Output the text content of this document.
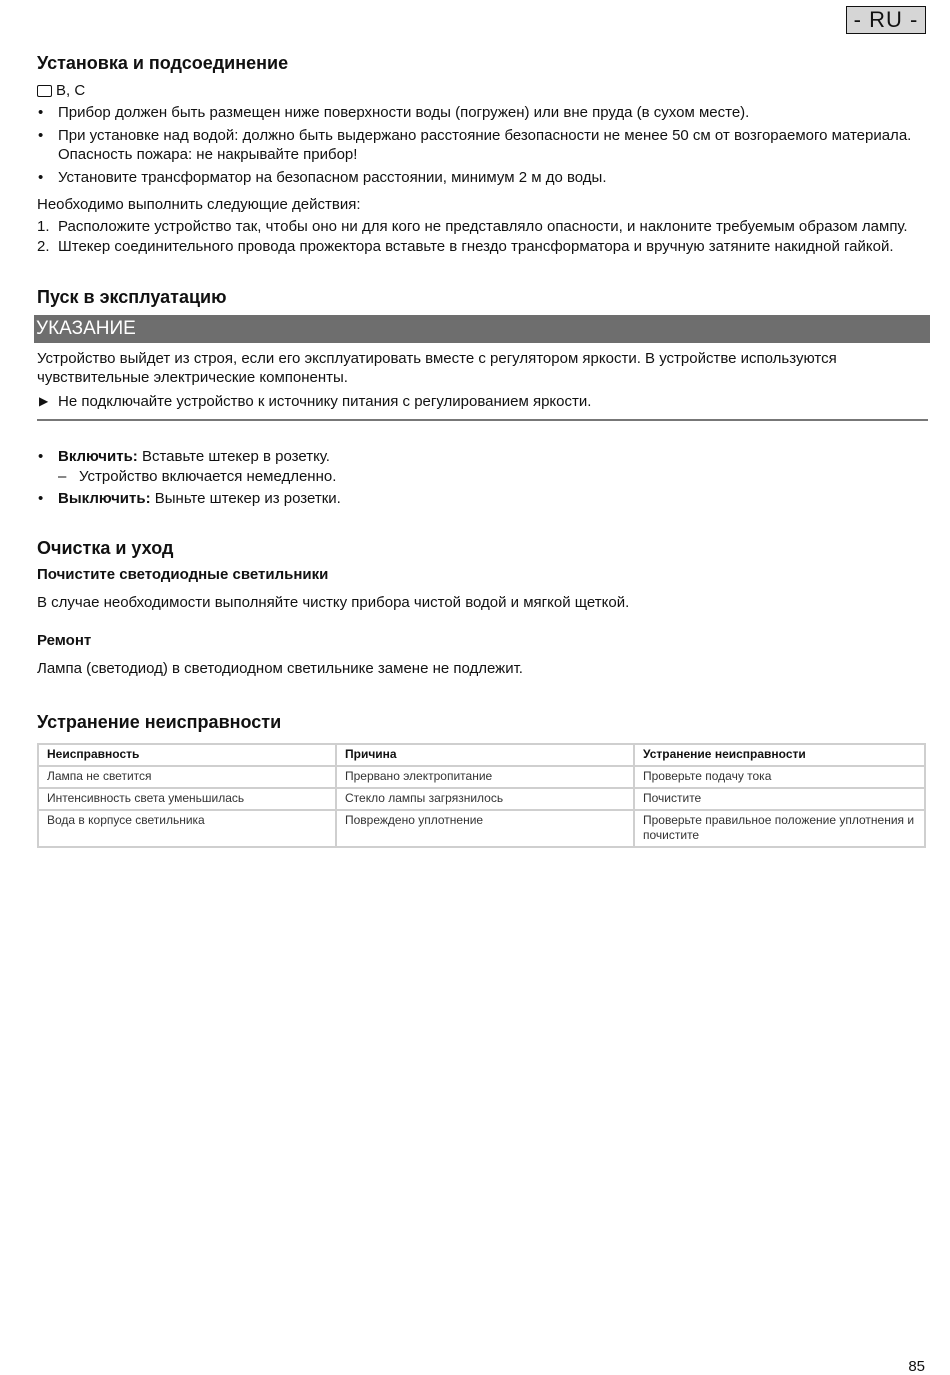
- RU -
Установка и подсоединение
B, C
• Прибор должен быть размещен ниже поверхности воды (погружен) или вне пруда (в сухом месте).
• При установке над водой: должно быть выдержано расстояние безопасности не менее 50 см от возгораемого материала. Опасность пожара: не накрывайте прибор!
• Установите трансформатор на безопасном расстоянии, минимум 2 м до воды.

Необходимо выполнить следующие действия:

1. Расположите устройство так, чтобы оно ни для кого не представляло опасности, и наклоните требуемым образом лампу.
2. Штекер соединительного провода прожектора вставьте в гнездо трансформатора и вручную затяните накидной гайкой.
Пуск в эксплуатацию
УКАЗАНИЕ

Устройство выйдет из строя, если его эксплуатировать вместе с регулятором яркости. В устройстве используются чувствительные электрические компоненты.

▶ Не подключайте устройство к источнику питания с регулированием яркости.
• Включить: Вставьте штекер в розетку.
– Устройство включается немедленно.
• Выключить: Выньте штекер из розетки.
Очистка и уход
Почистите светодиодные светильники

В случае необходимости выполняйте чистку прибора чистой водой и мягкой щеткой.

Ремонт

Лампа (светодиод) в светодиодном светильнике замене не подлежит.

Устранение неисправности
Неисправность	Причина	Устранение неисправности
Лампа не светится	Прервано электропитание	Проверьте подачу тока
Интенсивность света уменьшилась	Стекло лампы загрязнилось	Почистите
Вода в корпусе светильника	Повреждено уплотнение	Проверьте правильное положение уплотнения и почистите
85
